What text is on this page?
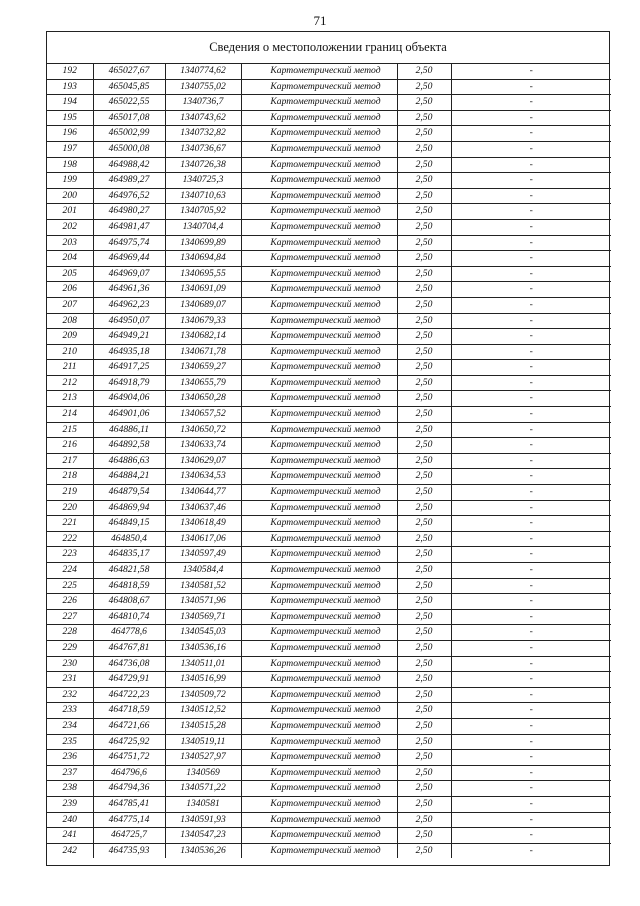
71
Сведения о местоположении границ объекта
192	465027,67	1340774,62	Картометрический метод	2,50	-
193	465045,85	1340755,02	Картометрический метод	2,50	-
194	465022,55	1340736,7	Картометрический метод	2,50	-
195	465017,08	1340743,62	Картометрический метод	2,50	-
196	465002,99	1340732,82	Картометрический метод	2,50	-
197	465000,08	1340736,67	Картометрический метод	2,50	-
198	464988,42	1340726,38	Картометрический метод	2,50	-
199	464989,27	1340725,3	Картометрический метод	2,50	-
200	464976,52	1340710,63	Картометрический метод	2,50	-
201	464980,27	1340705,92	Картометрический метод	2,50	-
202	464981,47	1340704,4	Картометрический метод	2,50	-
203	464975,74	1340699,89	Картометрический метод	2,50	-
204	464969,44	1340694,84	Картометрический метод	2,50	-
205	464969,07	1340695,55	Картометрический метод	2,50	-
206	464961,36	1340691,09	Картометрический метод	2,50	-
207	464962,23	1340689,07	Картометрический метод	2,50	-
208	464950,07	1340679,33	Картометрический метод	2,50	-
209	464949,21	1340682,14	Картометрический метод	2,50	-
210	464935,18	1340671,78	Картометрический метод	2,50	-
211	464917,25	1340659,27	Картометрический метод	2,50	-
212	464918,79	1340655,79	Картометрический метод	2,50	-
213	464904,06	1340650,28	Картометрический метод	2,50	-
214	464901,06	1340657,52	Картометрический метод	2,50	-
215	464886,11	1340650,72	Картометрический метод	2,50	-
216	464892,58	1340633,74	Картометрический метод	2,50	-
217	464886,63	1340629,07	Картометрический метод	2,50	-
218	464884,21	1340634,53	Картометрический метод	2,50	-
219	464879,54	1340644,77	Картометрический метод	2,50	-
220	464869,94	1340637,46	Картометрический метод	2,50	-
221	464849,15	1340618,49	Картометрический метод	2,50	-
222	464850,4	1340617,06	Картометрический метод	2,50	-
223	464835,17	1340597,49	Картометрический метод	2,50	-
224	464821,58	1340584,4	Картометрический метод	2,50	-
225	464818,59	1340581,52	Картометрический метод	2,50	-
226	464808,67	1340571,96	Картометрический метод	2,50	-
227	464810,74	1340569,71	Картометрический метод	2,50	-
228	464778,6	1340545,03	Картометрический метод	2,50	-
229	464767,81	1340536,16	Картометрический метод	2,50	-
230	464736,08	1340511,01	Картометрический метод	2,50	-
231	464729,91	1340516,99	Картометрический метод	2,50	-
232	464722,23	1340509,72	Картометрический метод	2,50	-
233	464718,59	1340512,52	Картометрический метод	2,50	-
234	464721,66	1340515,28	Картометрический метод	2,50	-
235	464725,92	1340519,11	Картометрический метод	2,50	-
236	464751,72	1340527,97	Картометрический метод	2,50	-
237	464796,6	1340569	Картометрический метод	2,50	-
238	464794,36	1340571,22	Картометрический метод	2,50	-
239	464785,41	1340581	Картометрический метод	2,50	-
240	464775,14	1340591,93	Картометрический метод	2,50	-
241	464725,7	1340547,23	Картометрический метод	2,50	-
242	464735,93	1340536,26	Картометрический метод	2,50	-
